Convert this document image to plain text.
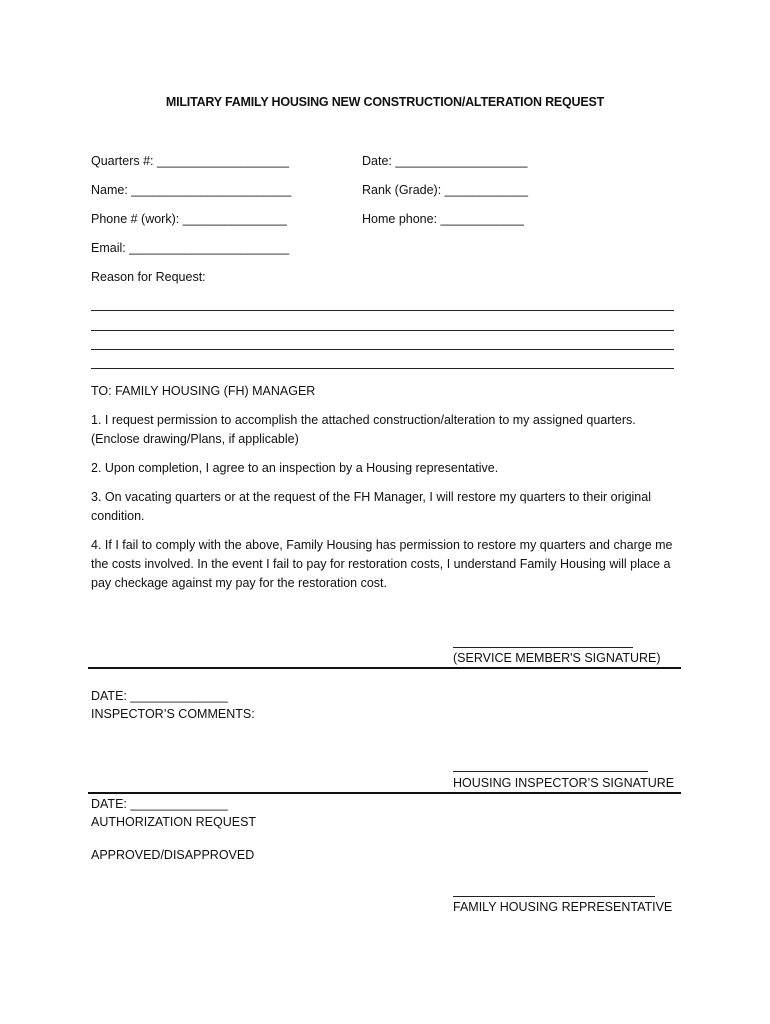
MILITARY FAMILY HOUSING NEW CONSTRUCTION/ALTERATION REQUEST
Quarters #: ___________________	Date: ___________________
Name: _______________________	Rank (Grade): ____________
Phone # (work): _______________	Home phone: ____________
Email: _______________________
Reason for Request:
TO: FAMILY HOUSING (FH) MANAGER
1. I request permission to accomplish the attached construction/alteration to my assigned quarters. (Enclose drawing/Plans, if applicable)
2. Upon completion, I agree to an inspection by a Housing representative.
3. On vacating quarters or at the request of the FH Manager, I will restore my quarters to their original condition.
4. If I fail to comply with the above, Family Housing has permission to restore my quarters and charge me the costs involved. In the event I fail to pay for restoration costs, I understand Family Housing will place a pay checkage against my pay for the restoration cost.
(SERVICE MEMBER'S SIGNATURE)
DATE: ______________
INSPECTOR’S COMMENTS:
HOUSING INSPECTOR’S SIGNATURE
DATE: ______________
AUTHORIZATION REQUEST
APPROVED/DISAPPROVED
FAMILY HOUSING REPRESENTATIVE
